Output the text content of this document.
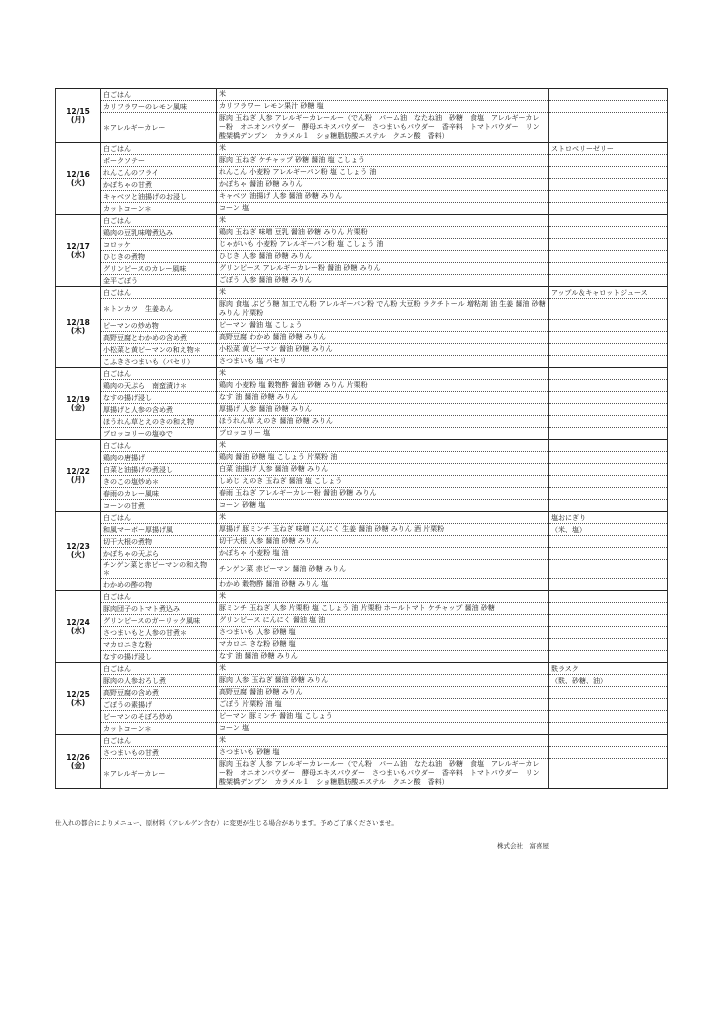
12/15 (月)	白ごはん	米	
	カリフラワーのレモン風味	カリフラワー レモン果汁 砂糖 塩	
	＊アレルギーカレー	豚肉 玉ねぎ 人参 アレルギーカレールー（でん粉　パーム油　なたね油　砂糖　食塩　アレルギーカレー粉　オニオンパウダー　酵母エキスパウダー　さつまいもパウダー　香辛料　トマトパウダー　リン酸架橋デンプン　カラメル１　ショ糖脂肪酸エステル　クエン酸　香料）	
12/16 (火)	白ごはん	米	ストロベリーゼリー
	ポークソテー	豚肉 玉ねぎ ケチャップ 砂糖 醤油 塩 こしょう	
	れんこんのフライ	れんこん 小麦粉 アレルギーパン粉 塩 こしょう 油	
	かぼちゃの甘煮	かぼちゃ 醤油 砂糖 みりん	
	キャベツと油揚げのお浸し	キャベツ 油揚げ 人参 醤油 砂糖 みりん	
	カットコーン＊	コーン 塩	
12/17 (水)	白ごはん	米	
	鶏肉の豆乳味噌煮込み	鶏肉 玉ねぎ 味噌 豆乳 醤油 砂糖 みりん 片栗粉	
	コロッケ	じゃがいも 小麦粉 アレルギーパン粉 塩 こしょう 油	
	ひじきの煮物	ひじき 人参 醤油 砂糖 みりん	
	グリンピースのカレー風味	グリンピース アレルギーカレー粉 醤油 砂糖 みりん	
	金平ごぼう	ごぼう 人参 醤油 砂糖 みりん	
12/18 (木)	白ごはん	米	アップル＆キャロットジュース
	＊トンカツ　生姜あん	豚肉 食塩 ぶどう糖 加工でん粉 アレルギーパン粉 でん粉 大豆粉 ラクチトール 増粘剤 油 生姜 醤油 砂糖 みりん 片栗粉	
	ピーマンの炒め物	ピーマン 醤油 塩 こしょう	
	高野豆腐とわかめの含め煮	高野豆腐 わかめ 醤油 砂糖 みりん	
	小松菜と黄ピーマンの和え物＊	小松菜 黄ピーマン 醤油 砂糖 みりん	
	こふきさつまいも（パセリ）	さつまいも 塩 パセリ	
12/19 (金)	白ごはん	米	
	鶏肉の天ぷら　南蛮漬け＊	鶏肉 小麦粉 塩 穀物酢 醤油 砂糖 みりん 片栗粉	
	なすの揚げ浸し	なす 油 醤油 砂糖 みりん	
	厚揚げと人参の含め煮	厚揚げ 人参 醤油 砂糖 みりん	
	ほうれん草とえのきの和え物	ほうれん草 えのき 醤油 砂糖 みりん	
	ブロッコリーの塩ゆで	ブロッコリー 塩	
12/22 (月)	白ごはん	米	
	鶏肉の唐揚げ	鶏肉 醤油 砂糖 塩 こしょう 片栗粉 油	
	白菜と油揚げの煮浸し	白菜 油揚げ 人参 醤油 砂糖 みりん	
	きのこの塩炒め＊	しめじ えのき 玉ねぎ 醤油 塩 こしょう	
	春雨のカレー風味	春雨 玉ねぎ アレルギーカレー粉 醤油 砂糖 みりん	
	コーンの甘煮	コーン 砂糖 塩	
12/23 (火)	白ごはん	米	塩おにぎり
	和風マーボー厚揚げ風	厚揚げ 豚ミンチ 玉ねぎ 味噌 にんにく 生姜 醤油 砂糖 みりん 酒 片栗粉	（米、塩）
	切干大根の煮物	切干大根 人参 醤油 砂糖 みりん	
	かぼちゃの天ぷら	かぼちゃ 小麦粉 塩 油	
	チンゲン菜と赤ピーマンの和え物＊	チンゲン菜 赤ピーマン 醤油 砂糖 みりん	
	わかめの酢の物	わかめ 穀物酢 醤油 砂糖 みりん 塩	
12/24 (水)	白ごはん	米	
	豚肉団子のトマト煮込み	豚ミンチ 玉ねぎ 人参 片栗粉 塩 こしょう 油 片栗粉 ホールトマト ケチャップ 醤油 砂糖	
	グリンピースのガーリック風味	グリンピース にんにく 醤油 塩 油	
	さつまいもと人参の甘煮＊	さつまいも 人参 砂糖 塩	
	マカロニきな粉	マカロニ きな粉 砂糖 塩	
	なすの揚げ浸し	なす 油 醤油 砂糖 みりん	
12/25 (木)	白ごはん	米	麩ラスク
	豚肉の人参おろし煮	豚肉 人参 玉ねぎ 醤油 砂糖 みりん	（麩、砂糖、油）
	高野豆腐の含め煮	高野豆腐 醤油 砂糖 みりん	
	ごぼうの素揚げ	ごぼう 片栗粉 油 塩	
	ピーマンのそぼろ炒め	ピーマン 豚ミンチ 醤油 塩 こしょう	
	カットコーン＊	コーン 塩	
12/26 (金)	白ごはん	米	
	さつまいもの甘煮	さつまいも 砂糖 塩	
	＊アレルギーカレー	豚肉 玉ねぎ 人参 アレルギーカレールー（でん粉　パーム油　なたね油　砂糖　食塩　アレルギーカレー粉　オニオンパウダー　酵母エキスパウダー　さつまいもパウダー　香辛料　トマトパウダー　リン酸架橋デンプン　カラメル１　ショ糖脂肪酸エステル　クエン酸　香料）	
仕入れの都合によりメニュー、原材料（アレルゲン含む）に変更が生じる場合があります。予めご了承くださいませ。
株式会社　富喜屋
